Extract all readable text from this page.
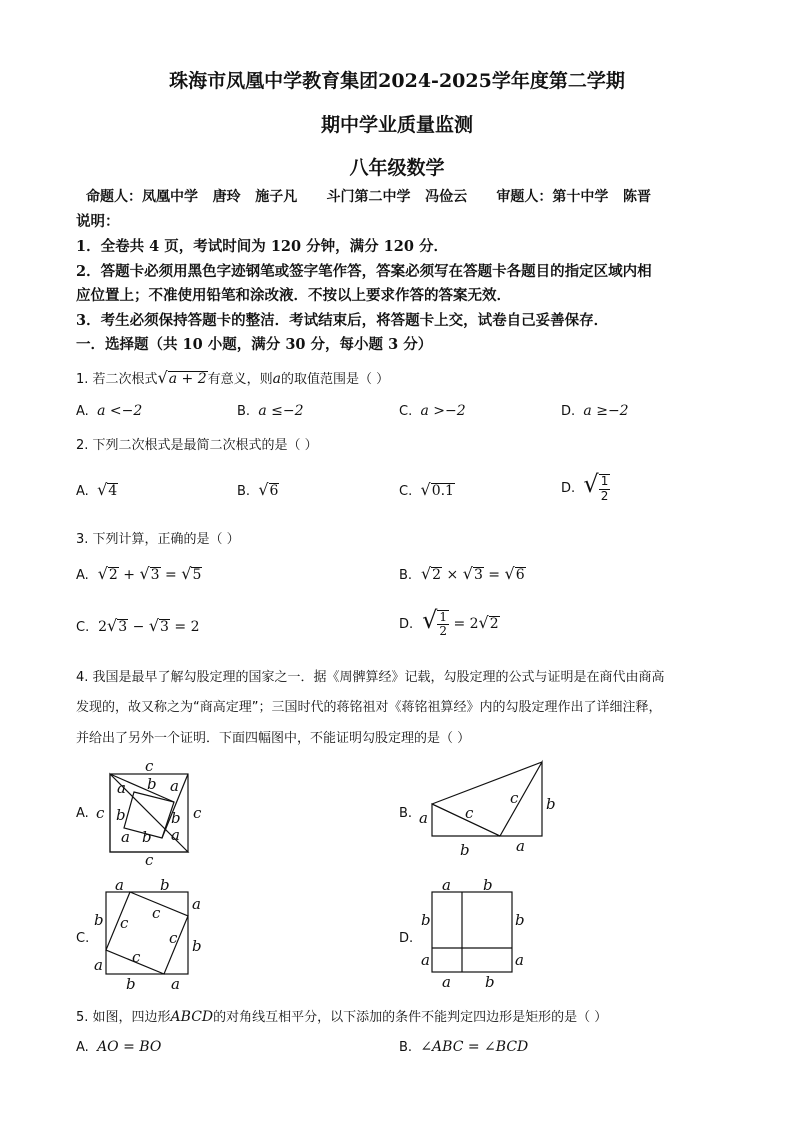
珠海市凤凰中学教育集团2024-2025学年度第二学期
期中学业质量监测
八年级数学
命题人：凤凰中学   唐玲   施子凡      斗门第二中学   冯俭云      审题人：第十中学   陈晋
说明：
1．全卷共 4 页，考试时间为 120 分钟，满分 120 分．
2．答题卡必须用黑色字迹钢笔或签字笔作答，答案必须写在答题卡各题目的指定区域内相
应位置上；不准使用铅笔和涂改液．不按以上要求作答的答案无效．
3．考生必须保持答题卡的整洁．考试结束后，将答题卡上交，试卷自己妥善保存．
一．选择题（共 10 小题，满分 30 分，每小题 3 分）
1. 若二次根式√a + 2有意义，则a的取值范围是（ ）
A. a <−2	B. a ≤−2	C. a >−2	D. a ≥−2
2. 下列二次根式是最简二次根式的是（ ）
A. √4	B. √6	C. √0.1	D. √ $\frac{1}{2}$
3. 下列计算，正确的是（ ）
A. √2 + √3 = √5	B. √2 × √3 = √6
C. 2√3 − √3 = 2	D. √ $\frac{1}{2} = 2√2$
4. 我国是最早了解勾股定理的国家之一．据《周髀算经》记载，勾股定理的公式与证明是在商代由商高
发现的，故又称之为“商高定理”；三国时代的蒋铭祖对《蒋铭祖算经》内的勾股定理作出了详细注释，
并给出了另外一个证明．下面四幅图中，不能证明勾股定理的是（ ）
A.	B.
C.	D.
c
c
c	c
a b a
b	b
a
a b
a c
c b
b	a
a b
a
b
b
a
b a
c
c
c
c
a b
b	b
a	a
a b
5. 如图，四边形ABCD的对角线互相平分，以下添加的条件不能判定四边形是矩形的是（ ）
A. AO = BO	B. ∠ABC = ∠BCD
